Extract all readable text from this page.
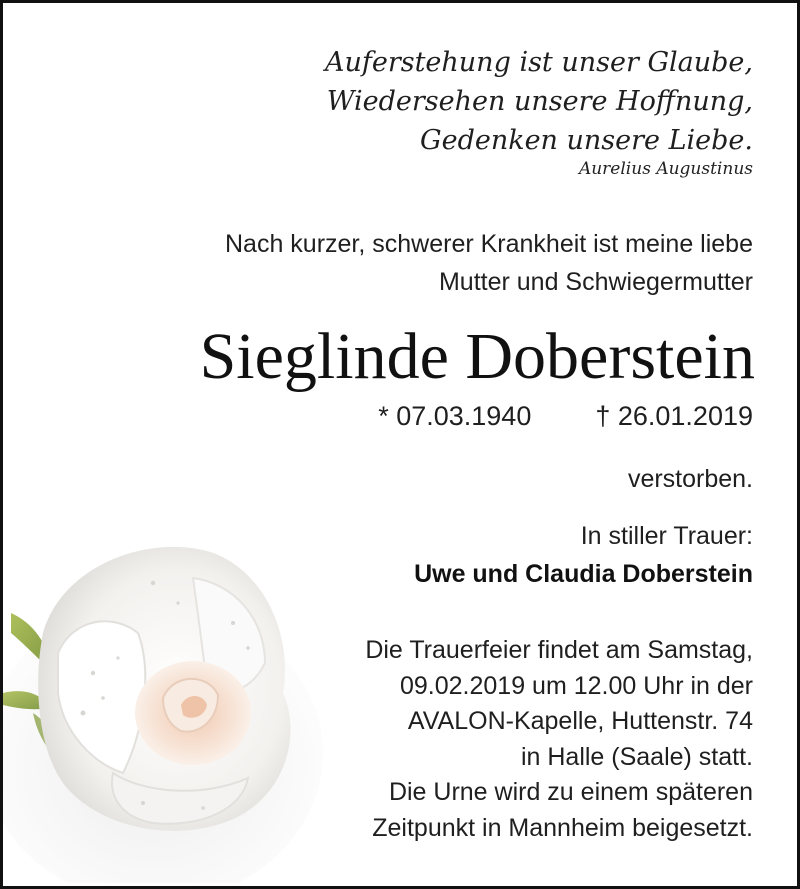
Auferstehung ist unser Glaube,
Wiedersehen unsere Hoffnung,
Gedenken unsere Liebe.
Aurelius Augustinus
Nach kurzer, schwerer Krankheit ist meine liebe
Mutter und Schwiegermutter
Sieglinde Doberstein
* 07.03.1940 † 26.01.2019
verstorben.
In stiller Trauer:
Uwe und Claudia Doberstein
Die Trauerfeier findet am Samstag,
09.02.2019 um 12.00 Uhr in der
AVALON-Kapelle, Huttenstr. 74
in Halle (Saale) statt.
Die Urne wird zu einem späteren
Zeitpunkt in Mannheim beigesetzt.
